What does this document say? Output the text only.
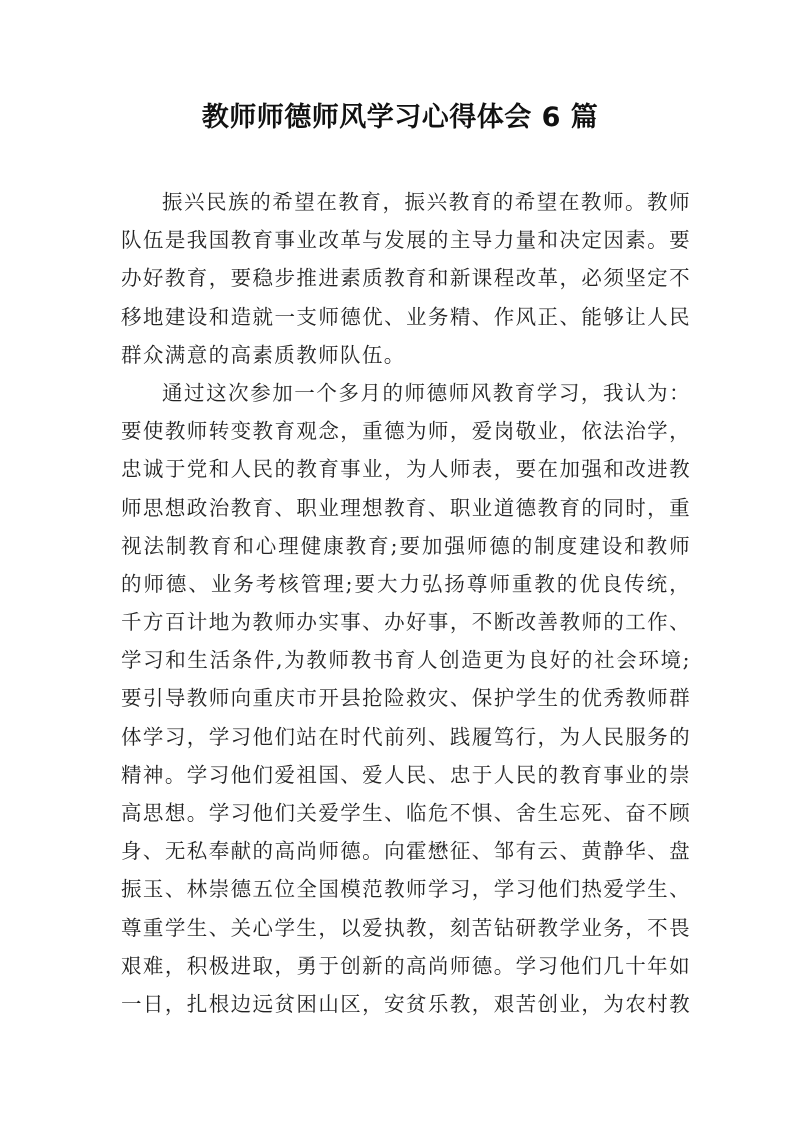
教师师德师风学习心得体会 6 篇
振兴民族的希望在教育，振兴教育的希望在教师。教师
队伍是我国教育事业改革与发展的主导力量和决定因素。要
办好教育，要稳步推进素质教育和新课程改革，必须坚定不
移地建设和造就一支师德优、业务精、作风正、能够让人民
群众满意的高素质教师队伍。
通过这次参加一个多月的师德师风教育学习，我认为：
要使教师转变教育观念，重德为师，爱岗敬业，依法治学，
忠诚于党和人民的教育事业，为人师表，要在加强和改进教
师思想政治教育、职业理想教育、职业道德教育的同时，重
视法制教育和心理健康教育;要加强师德的制度建设和教师
的师德、业务考核管理;要大力弘扬尊师重教的优良传统，
千方百计地为教师办实事、办好事，不断改善教师的工作、
学习和生活条件,为教师教书育人创造更为良好的社会环境;
要引导教师向重庆市开县抢险救灾、保护学生的优秀教师群
体学习，学习他们站在时代前列、践履笃行，为人民服务的
精神。学习他们爱祖国、爱人民、忠于人民的教育事业的崇
高思想。学习他们关爱学生、临危不惧、舍生忘死、奋不顾
身、无私奉献的高尚师德。向霍懋征、邹有云、黄静华、盘
振玉、林崇德五位全国模范教师学习，学习他们热爱学生、
尊重学生、关心学生，以爱执教，刻苦钻研教学业务，不畏
艰难，积极进取，勇于创新的高尚师德。学习他们几十年如
一日，扎根边远贫困山区，安贫乐教，艰苦创业，为农村教
